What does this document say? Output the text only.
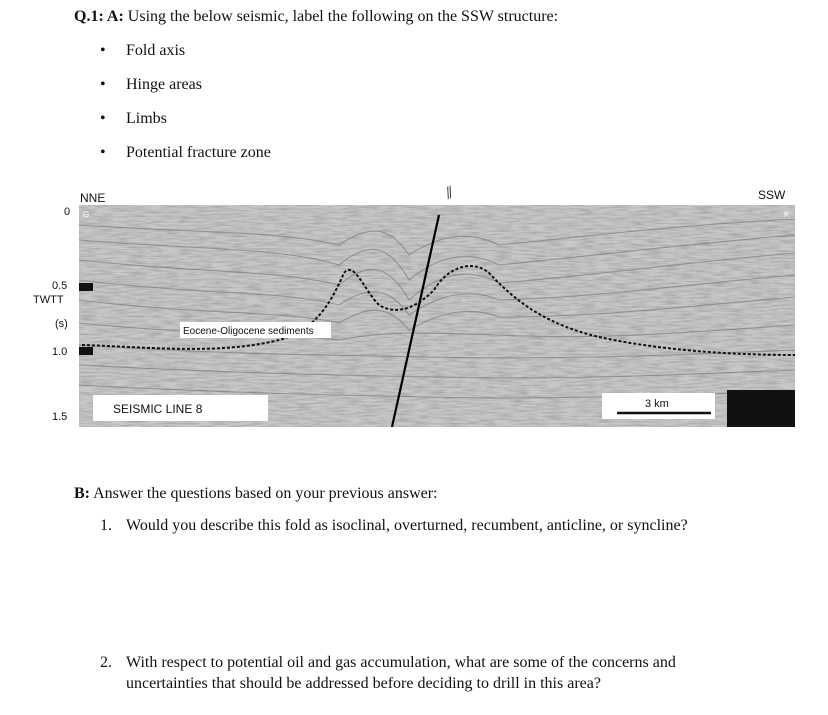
Q.1: A: Using the below seismic, label the following on the SSW structure:
• Fold axis
• Hinge areas
• Limbs
• Potential fracture zone
NNE	SSW
⫽
0
0.5
TWTT
(s)
1.0
1.5
Eocene-Oligocene sediments
SEISMIC LINE 8	3 km
G	K
B: Answer the questions based on your previous answer:
1. Would you describe this fold as isoclinal, overturned, recumbent, anticline, or syncline?
2. With respect to potential oil and gas accumulation, what are some of the concerns and
uncertainties that should be addressed before deciding to drill in this area?
